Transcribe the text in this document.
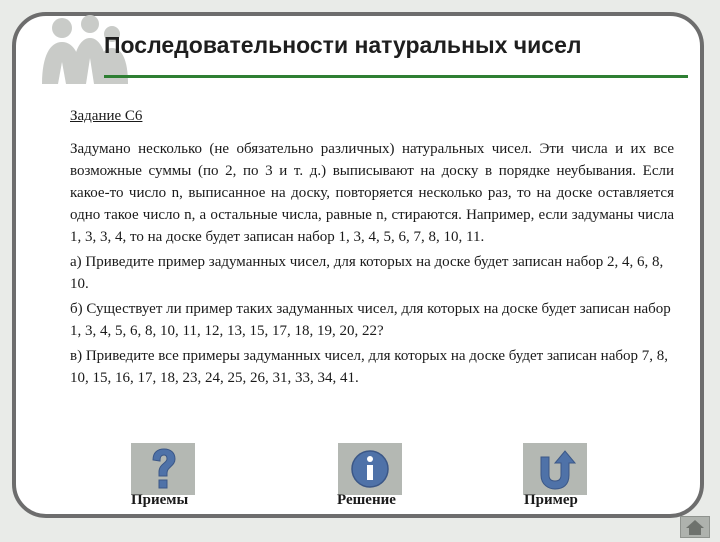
Последовательности натуральных чисел
Задание С6

Задумано несколько (не обязательно различных) натуральных чисел. Эти числа и их все возможные суммы (по 2, по 3 и т. д.) выписывают на доску в порядке неубывания. Если какое-то число n, выписанное на доску, повторяется несколько раз, то на доске оставляется одно такое число n, а остальные числа, равные n, стираются. Например, если задуманы числа 1, 3, 3, 4, то на доске будет записан набор 1, 3, 4, 5, 6, 7, 8, 10, 11.

а) Приведите пример задуманных чисел, для которых на доске будет записан набор 2, 4, 6, 8, 10.

б) Существует ли пример таких задуманных чисел, для которых на доске будет записан набор 1, 3, 4, 5, 6, 8, 10, 11, 12, 13, 15, 17, 18, 19, 20, 22?

в) Приведите все примеры задуманных чисел, для которых на доске будет записан набор 7, 8, 10, 15, 16, 17, 18, 23, 24, 25, 26, 31, 33, 34, 41.

Приемы	Решение	Пример
